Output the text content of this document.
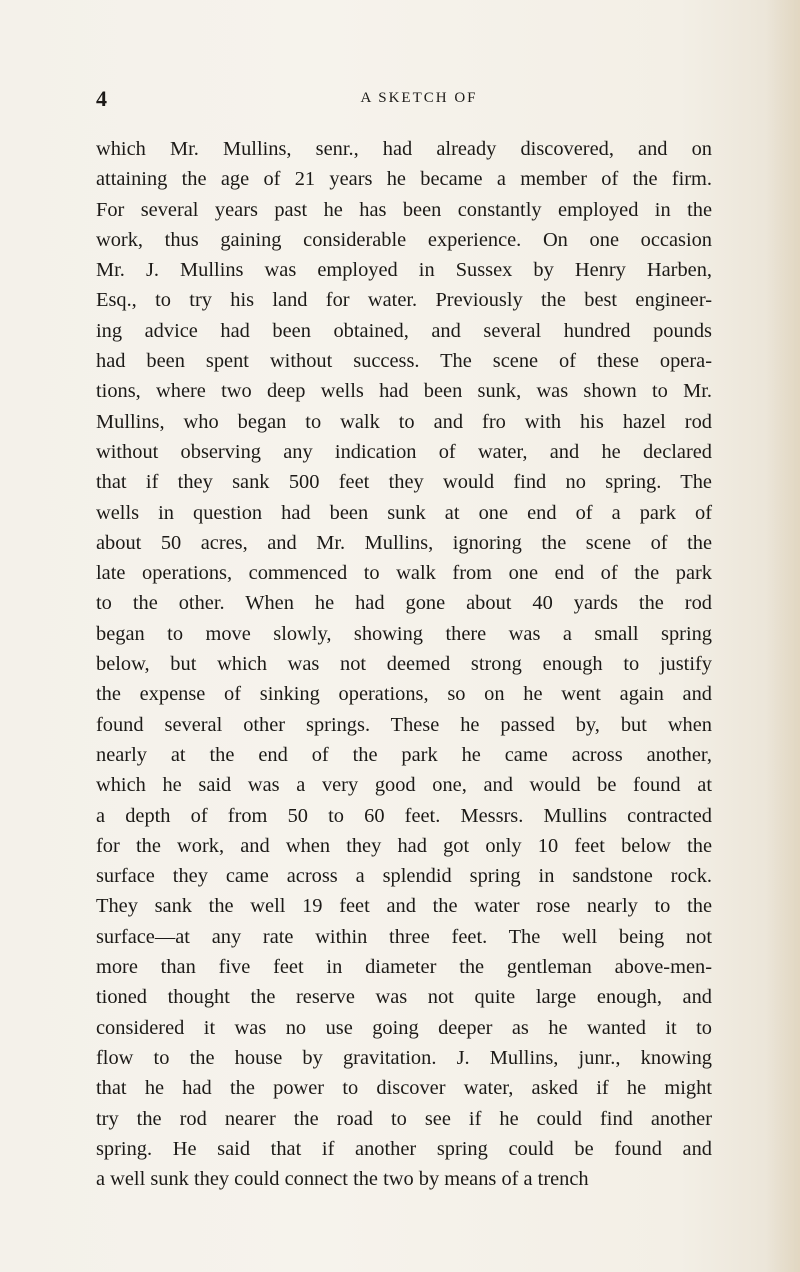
4	A SKETCH OF
which Mr. Mullins, senr., had already discovered, and on
attaining the age of 21 years he became a member of the firm.
For several years past he has been constantly employed in the
work, thus gaining considerable experience. On one occasion
Mr. J. Mullins was employed in Sussex by Henry Harben,
Esq., to try his land for water. Previously the best engineer-
ing advice had been obtained, and several hundred pounds
had been spent without success. The scene of these opera-
tions, where two deep wells had been sunk, was shown to Mr.
Mullins, who began to walk to and fro with his hazel rod
without observing any indication of water, and he declared
that if they sank 500 feet they would find no spring. The
wells in question had been sunk at one end of a park of
about 50 acres, and Mr. Mullins, ignoring the scene of the
late operations, commenced to walk from one end of the park
to the other. When he had gone about 40 yards the rod
began to move slowly, showing there was a small spring
below, but which was not deemed strong enough to justify
the expense of sinking operations, so on he went again and
found several other springs. These he passed by, but when
nearly at the end of the park he came across another,
which he said was a very good one, and would be found at
a depth of from 50 to 60 feet. Messrs. Mullins contracted
for the work, and when they had got only 10 feet below the
surface they came across a splendid spring in sandstone rock.
They sank the well 19 feet and the water rose nearly to the
surface—at any rate within three feet. The well being not
more than five feet in diameter the gentleman above-men-
tioned thought the reserve was not quite large enough, and
considered it was no use going deeper as he wanted it to
flow to the house by gravitation. J. Mullins, junr., knowing
that he had the power to discover water, asked if he might
try the rod nearer the road to see if he could find another
spring. He said that if another spring could be found and
a well sunk they could connect the two by means of a trench
